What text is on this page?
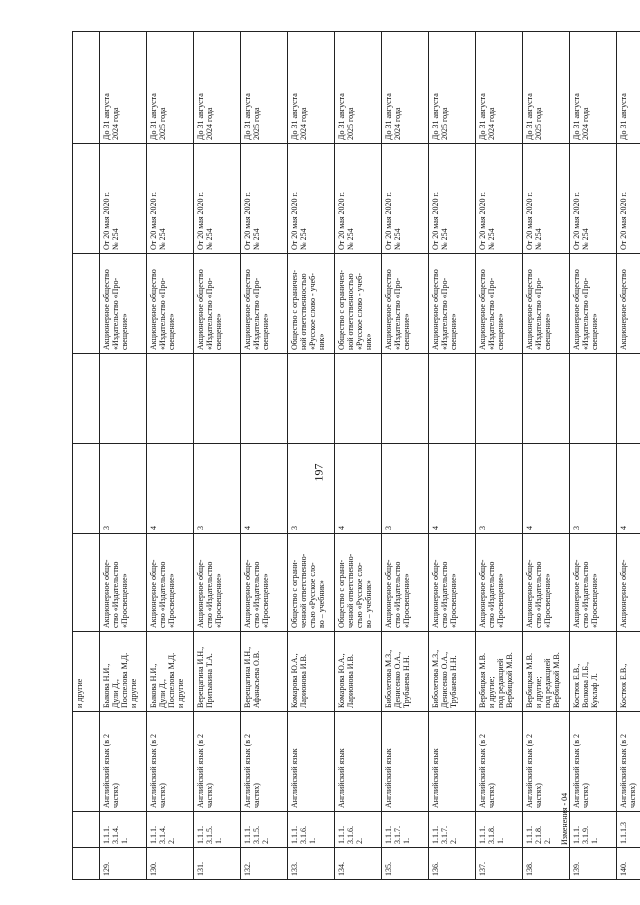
197
Изменения - 04
			и другие						
129.	1.1.1.
3.1.4.
1.	Английский язык (в 2 частях)	Быкова Н.И.,
Дули Д.,
Поспелова М.Д.
и другие	Акционерное обще-
ство «Издательство
«Просвещение»	3		Акционерное общество
«Издательство «Про-
свещение»	От 20 мая 2020 г.
№ 254	До 31 августа
2024 года
130.	1.1.1.
3.1.4.
2.	Английский язык (в 2 частях)	Быкова Н.И.,
Дули Д.,
Поспелова М.Д.
и другие	Акционерное обще-
ство «Издательство
«Просвещение»	4		Акционерное общество
«Издательство «Про-
свещение»	От 20 мая 2020 г.
№ 254	До 31 августа
2025 года
131.	1.1.1.
3.1.5.
1.	Английский язык (в 2 частях)	Верещагина И.Н.,
Притыкина Т.А.	Акционерное обще-
ство «Издательство
«Просвещение»	3		Акционерное общество
«Издательство «Про-
свещение»	От 20 мая 2020 г.
№ 254	До 31 августа
2024 года
132.	1.1.1.
3.1.5.
2.	Английский язык (в 2 частях)	Верещагина И.Н.,
Афанасьева О.В.	Акционерное обще-
ство «Издательство
«Просвещение»	4		Акционерное общество
«Издательство «Про-
свещение»	От 20 мая 2020 г.
№ 254	До 31 августа
2025 года
133.	1.1.1.
3.1.6.
1.	Английский язык	Комарова Ю.А.,
Ларионова И.В.	Общество с ограни-
ченной ответственно-
стью «Русское сло-
во – учебник»	3		Общество с ограничен-
ной ответственностью
«Русское слово - учеб-
ник»	От 20 мая 2020 г.
№ 254	До 31 августа
2024 года
134.	1.1.1.
3.1.6.
2.	Английский язык	Комарова Ю.А.,
Ларионова И.В.	Общество с ограни-
ченной ответственно-
стью «Русское сло-
во – учебник»	4		Общество с ограничен-
ной ответственностью
«Русское слово - учеб-
ник»	От 20 мая 2020 г.
№ 254	До 31 августа
2025 года
135.	1.1.1.
3.1.7.
1.	Английский язык	Биболетова М.З.,
Денисенко О.А.,
Трубанева Н.Н.	Акционерное обще-
ство «Издательство
«Просвещение»	3		Акционерное общество
«Издательство «Про-
свещение»	От 20 мая 2020 г.
№ 254	До 31 августа
2024 года
136.	1.1.1.
3.1.7.
2.	Английский язык	Биболетова М.З.,
Денисенко О.А.,
Трубанева Н.Н.	Акционерное обще-
ство «Издательство
«Просвещение»	4		Акционерное общество
«Издательство «Про-
свещение»	От 20 мая 2020 г.
№ 254	До 31 августа
2025 года
137.	1.1.1.
3.1.8.
1.	Английский язык (в 2 частях)	Вербицкая М.В.
и другие;
под редакцией
Вербицкой М.В.	Акционерное обще-
ство «Издательство
«Просвещение»	3		Акционерное общество
«Издательство «Про-
свещение»	От 20 мая 2020 г.
№ 254	До 31 августа
2024 года
138.	1.1.1.
2.1.8.
2.	Английский язык (в 2 частях)	Вербицкая М.В.
и другие;
под редакцией
Вербицкой М.В.	Акционерное обще-
ство «Издательство
«Просвещение»	4		Акционерное общество
«Издательство «Про-
свещение»	От 20 мая 2020 г.
№ 254	До 31 августа
2025 года
139.	1.1.1.
3.1.9.
1.	Английский язык (в 2 частях)	Костюк Е.В.,
Волкова Л.Б.,
Куклаф Л.	Акционерное обще-
ство «Издательство
«Просвещение»	3		Акционерное общество
«Издательство «Про-
свещение»	От 20 мая 2020 г.
№ 254	До 31 августа
2024 года
140.	1.1.1.3	Английский язык (в 2 частях)	Костюк Е.В.,	Акционерное обще-	4		Акционерное общество	От 20 мая 2020 г.	До 31 августа
